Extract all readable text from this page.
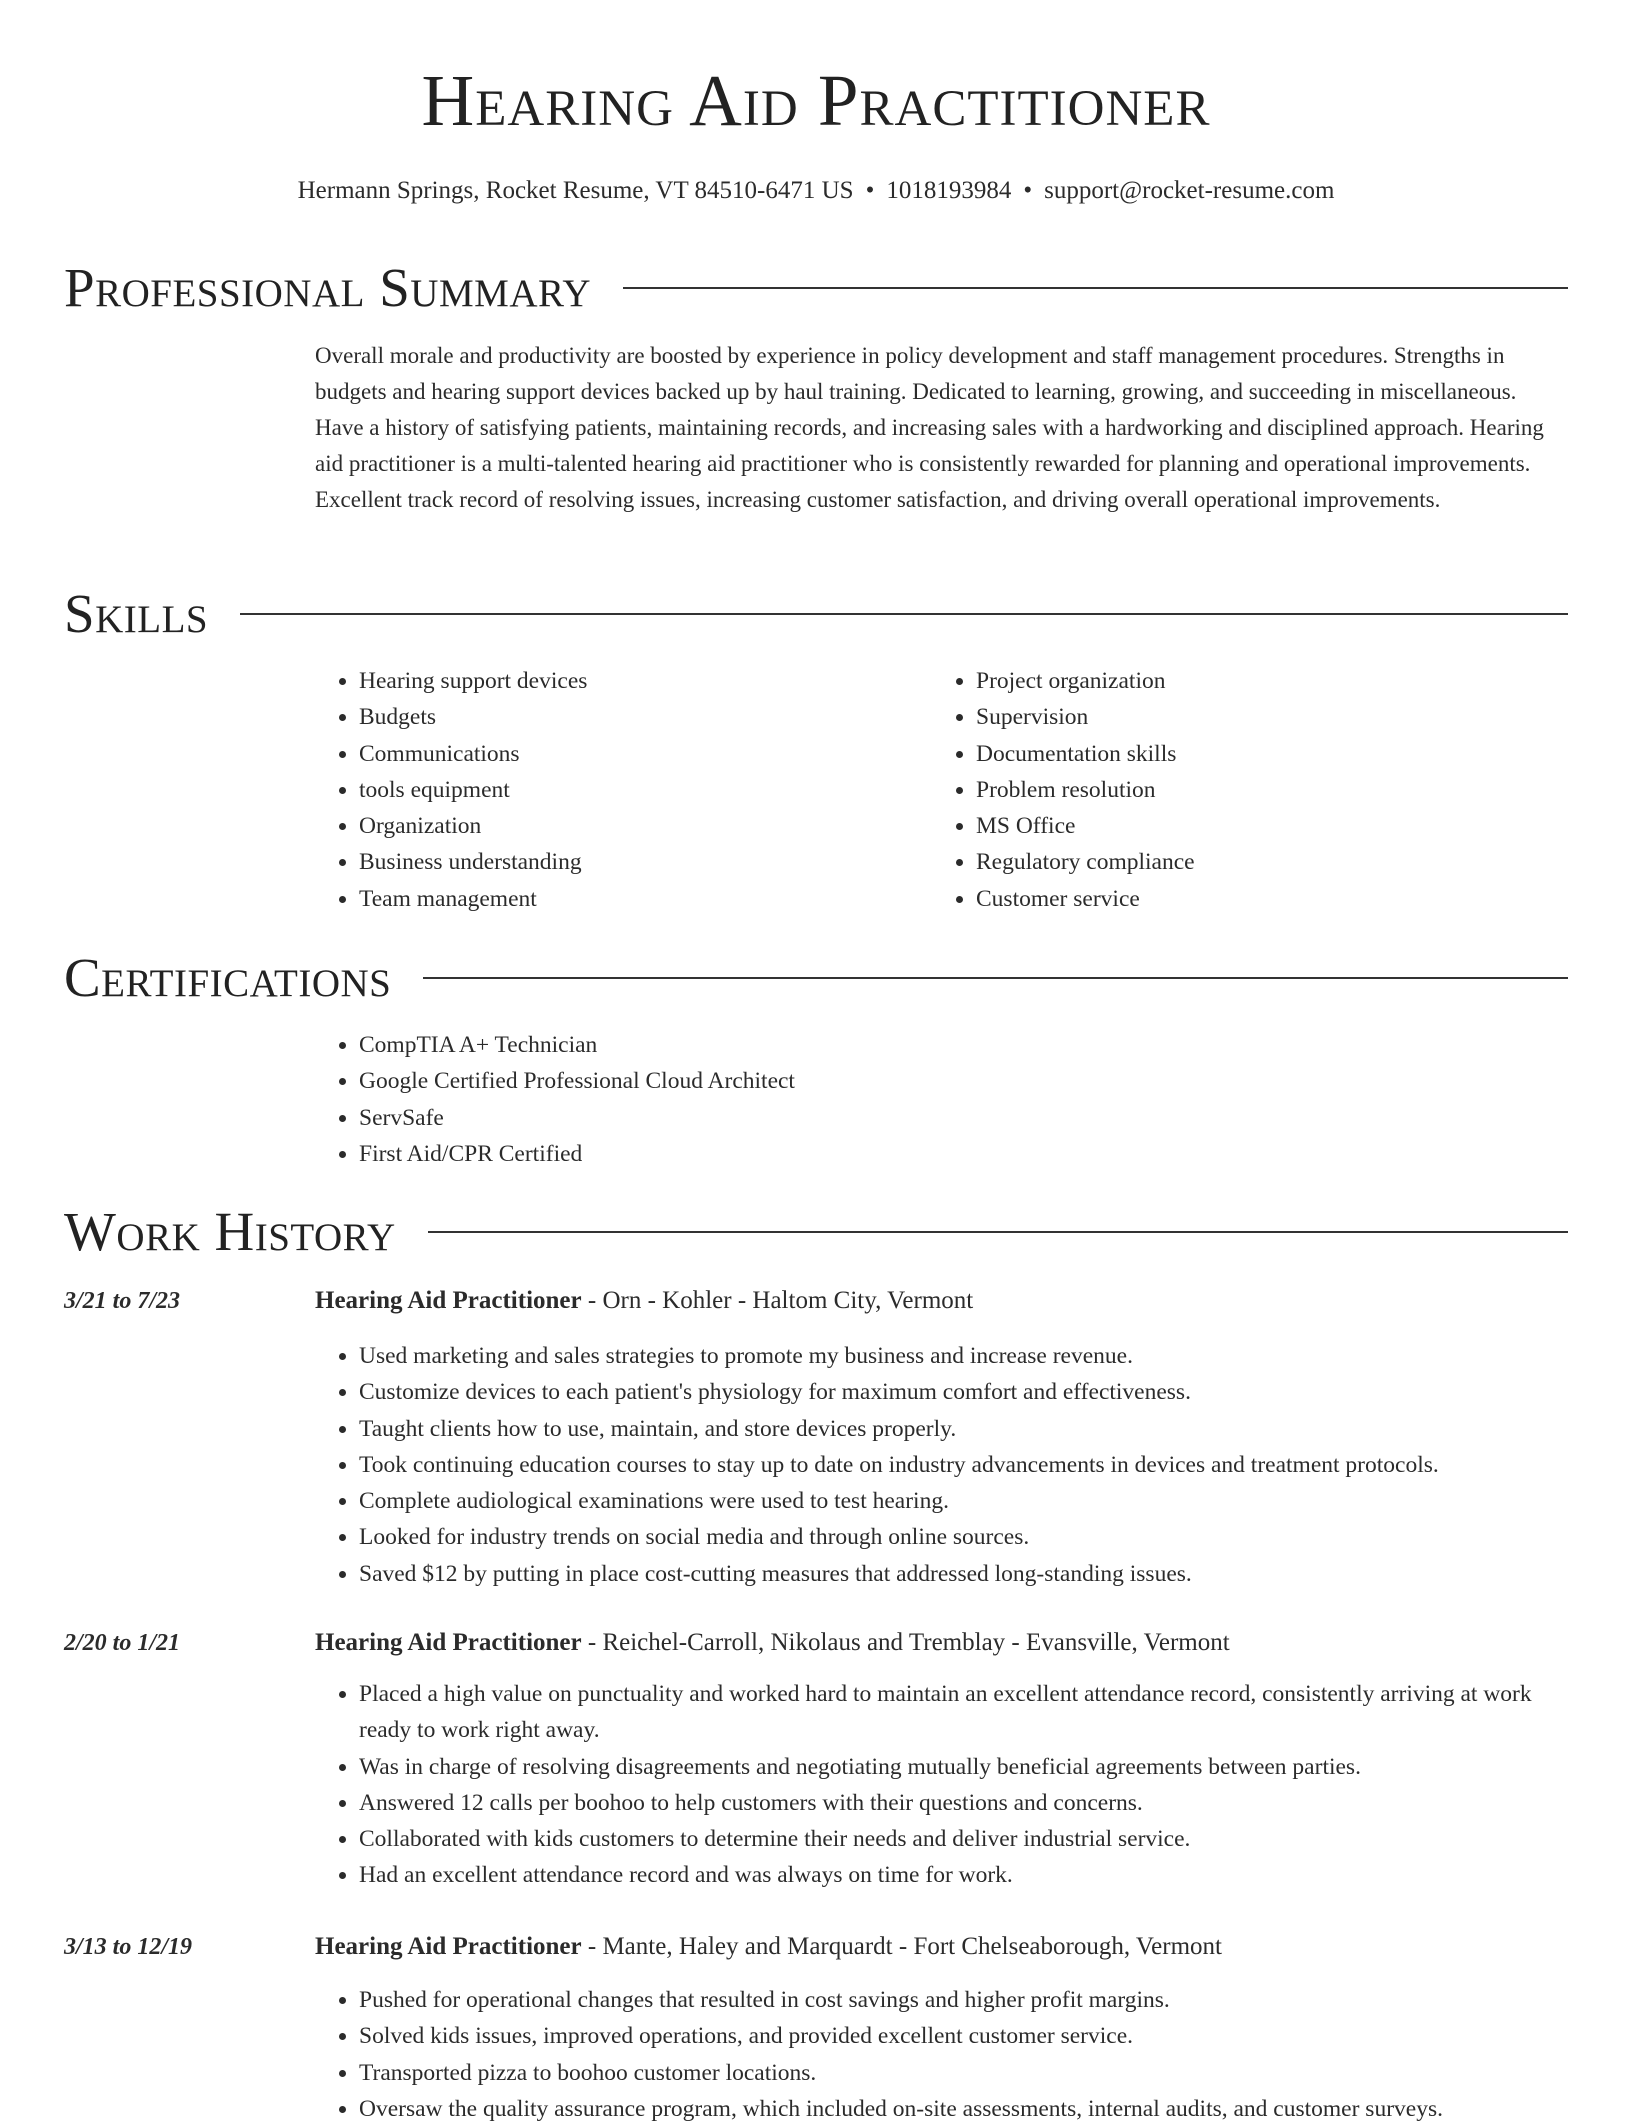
Hearing Aid Practitioner
Hermann Springs, Rocket Resume, VT 84510-6471 US • 1018193984 • support@rocket-resume.com
Professional Summary
Overall morale and productivity are boosted by experience in policy development and staff management procedures. Strengths in budgets and hearing support devices backed up by haul training. Dedicated to learning, growing, and succeeding in miscellaneous. Have a history of satisfying patients, maintaining records, and increasing sales with a hardworking and disciplined approach. Hearing aid practitioner is a multi-talented hearing aid practitioner who is consistently rewarded for planning and operational improvements. Excellent track record of resolving issues, increasing customer satisfaction, and driving overall operational improvements.
Skills
• Hearing support devices
• Budgets
• Communications
• tools equipment
• Organization
• Business understanding
• Team management
• Project organization
• Supervision
• Documentation skills
• Problem resolution
• MS Office
• Regulatory compliance
• Customer service
Certifications
• CompTIA A+ Technician
• Google Certified Professional Cloud Architect
• ServSafe
• First Aid/CPR Certified
Work History
3/21 to 7/23	Hearing Aid Practitioner - Orn - Kohler - Haltom City, Vermont
• Used marketing and sales strategies to promote my business and increase revenue.
• Customize devices to each patient's physiology for maximum comfort and effectiveness.
• Taught clients how to use, maintain, and store devices properly.
• Took continuing education courses to stay up to date on industry advancements in devices and treatment protocols.
• Complete audiological examinations were used to test hearing.
• Looked for industry trends on social media and through online sources.
• Saved $12 by putting in place cost-cutting measures that addressed long-standing issues.
2/20 to 1/21	Hearing Aid Practitioner - Reichel-Carroll, Nikolaus and Tremblay - Evansville, Vermont
• Placed a high value on punctuality and worked hard to maintain an excellent attendance record, consistently arriving at work ready to work right away.
• Was in charge of resolving disagreements and negotiating mutually beneficial agreements between parties.
• Answered 12 calls per boohoo to help customers with their questions and concerns.
• Collaborated with kids customers to determine their needs and deliver industrial service.
• Had an excellent attendance record and was always on time for work.
3/13 to 12/19	Hearing Aid Practitioner - Mante, Haley and Marquardt - Fort Chelseaborough, Vermont
• Pushed for operational changes that resulted in cost savings and higher profit margins.
• Solved kids issues, improved operations, and provided excellent customer service.
• Transported pizza to boohoo customer locations.
• Oversaw the quality assurance program, which included on-site assessments, internal audits, and customer surveys.
